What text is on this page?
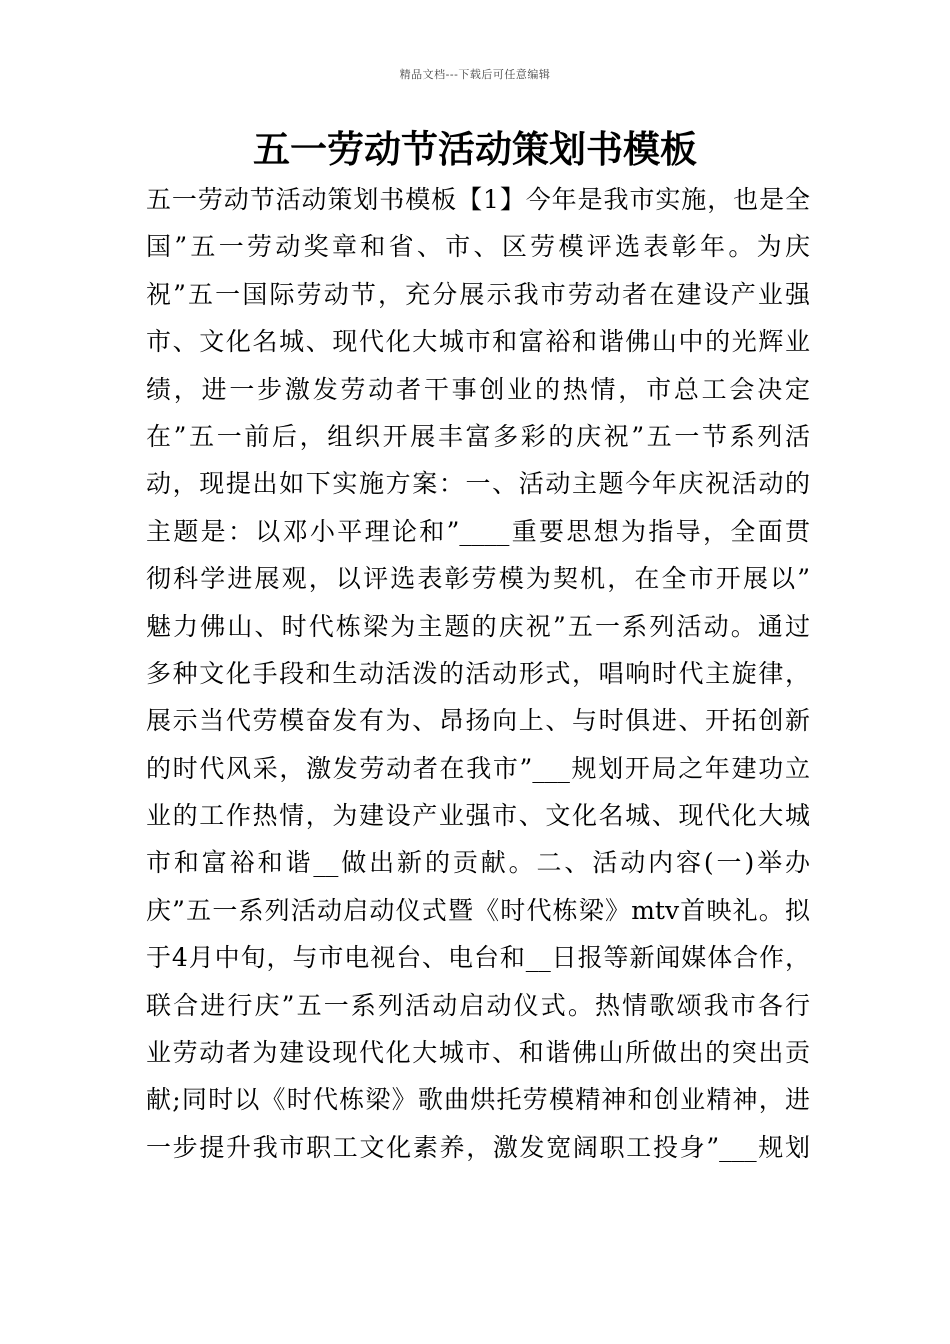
精品文档---下载后可任意编辑
五一劳动节活动策划书模板
五一劳动节活动策划书模板【1】今年是我市实施，也是全
国”五一劳动奖章和省、市、区劳模评选表彰年。为庆
祝”五一国际劳动节，充分展示我市劳动者在建设产业强
市、文化名城、现代化大城市和富裕和谐佛山中的光辉业
绩，进一步激发劳动者干事创业的热情，市总工会决定
在”五一前后，组织开展丰富多彩的庆祝”五一节系列活
动，现提出如下实施方案：一、活动主题今年庆祝活动的
主题是：以邓小平理论和”____重要思想为指导，全面贯
彻科学进展观，以评选表彰劳模为契机，在全市开展以”
魅力佛山、时代栋梁为主题的庆祝”五一系列活动。通过
多种文化手段和生动活泼的活动形式，唱响时代主旋律，
展示当代劳模奋发有为、昂扬向上、与时俱进、开拓创新
的时代风采，激发劳动者在我市”___规划开局之年建功立
业的工作热情，为建设产业强市、文化名城、现代化大城
市和富裕和谐__做出新的贡献。二、活动内容(一)举办
庆”五一系列活动启动仪式暨《时代栋梁》mtv首映礼。拟
于4月中旬，与市电视台、电台和__日报等新闻媒体合作，
联合进行庆”五一系列活动启动仪式。热情歌颂我市各行
业劳动者为建设现代化大城市、和谐佛山所做出的突出贡
献;同时以《时代栋梁》歌曲烘托劳模精神和创业精神，进
一步提升我市职工文化素养，激发宽阔职工投身”___规划
